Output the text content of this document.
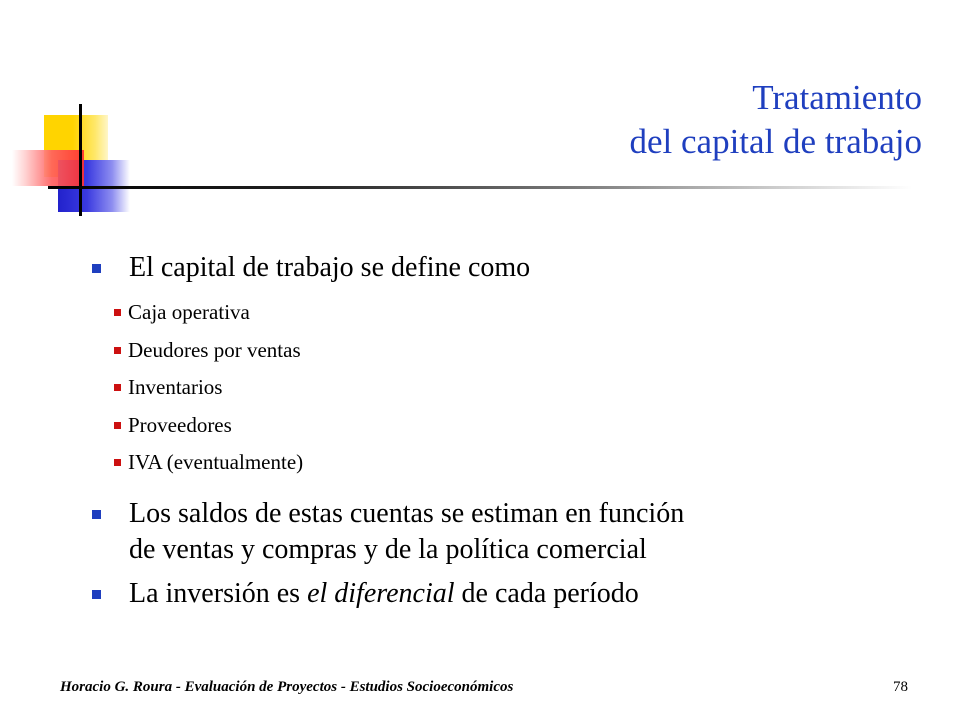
Tratamiento
del capital de trabajo
El capital de trabajo se define como
Caja operativa
Deudores por ventas
Inventarios
Proveedores
IVA (eventualmente)
Los saldos de estas cuentas se estiman en función
de ventas y compras y de la política comercial
La inversión es el diferencial de cada período
Horacio G. Roura - Evaluación de Proyectos - Estudios Socioeconómicos	78
